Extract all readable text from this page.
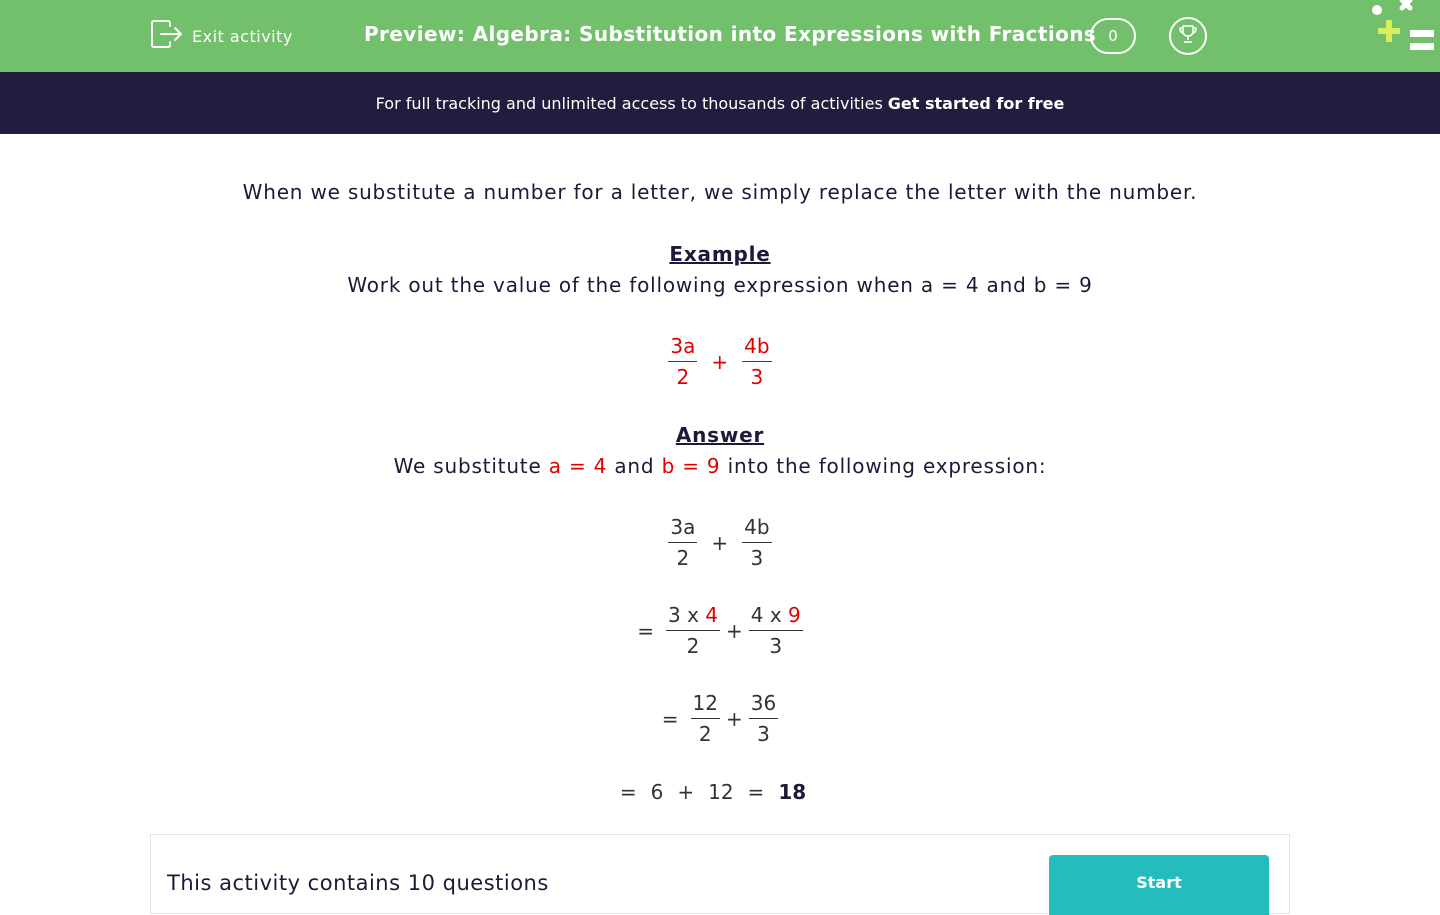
Exit activity	Preview: Algebra: Substitution into Expressions with Fractions 0
For full tracking and unlimited access to thousands of activities Get started for free
When we substitute a number for a letter, we simply replace the letter with the number.
Example
Work out the value of the following expression when a = 4 and b = 9
$\frac{3a}{2} + \frac{4b}{3}$
Answer
We substitute a = 4 and b = 9 into the following expression:
$\frac{3a}{2} + \frac{4b}{3}$
= $\frac{3 x 4}{2} + \frac{4 x 9}{3}$
= $\frac{12}{2} + \frac{36}{3}$
= 6 + 12 = 18
This activity contains 10 questions	Start
